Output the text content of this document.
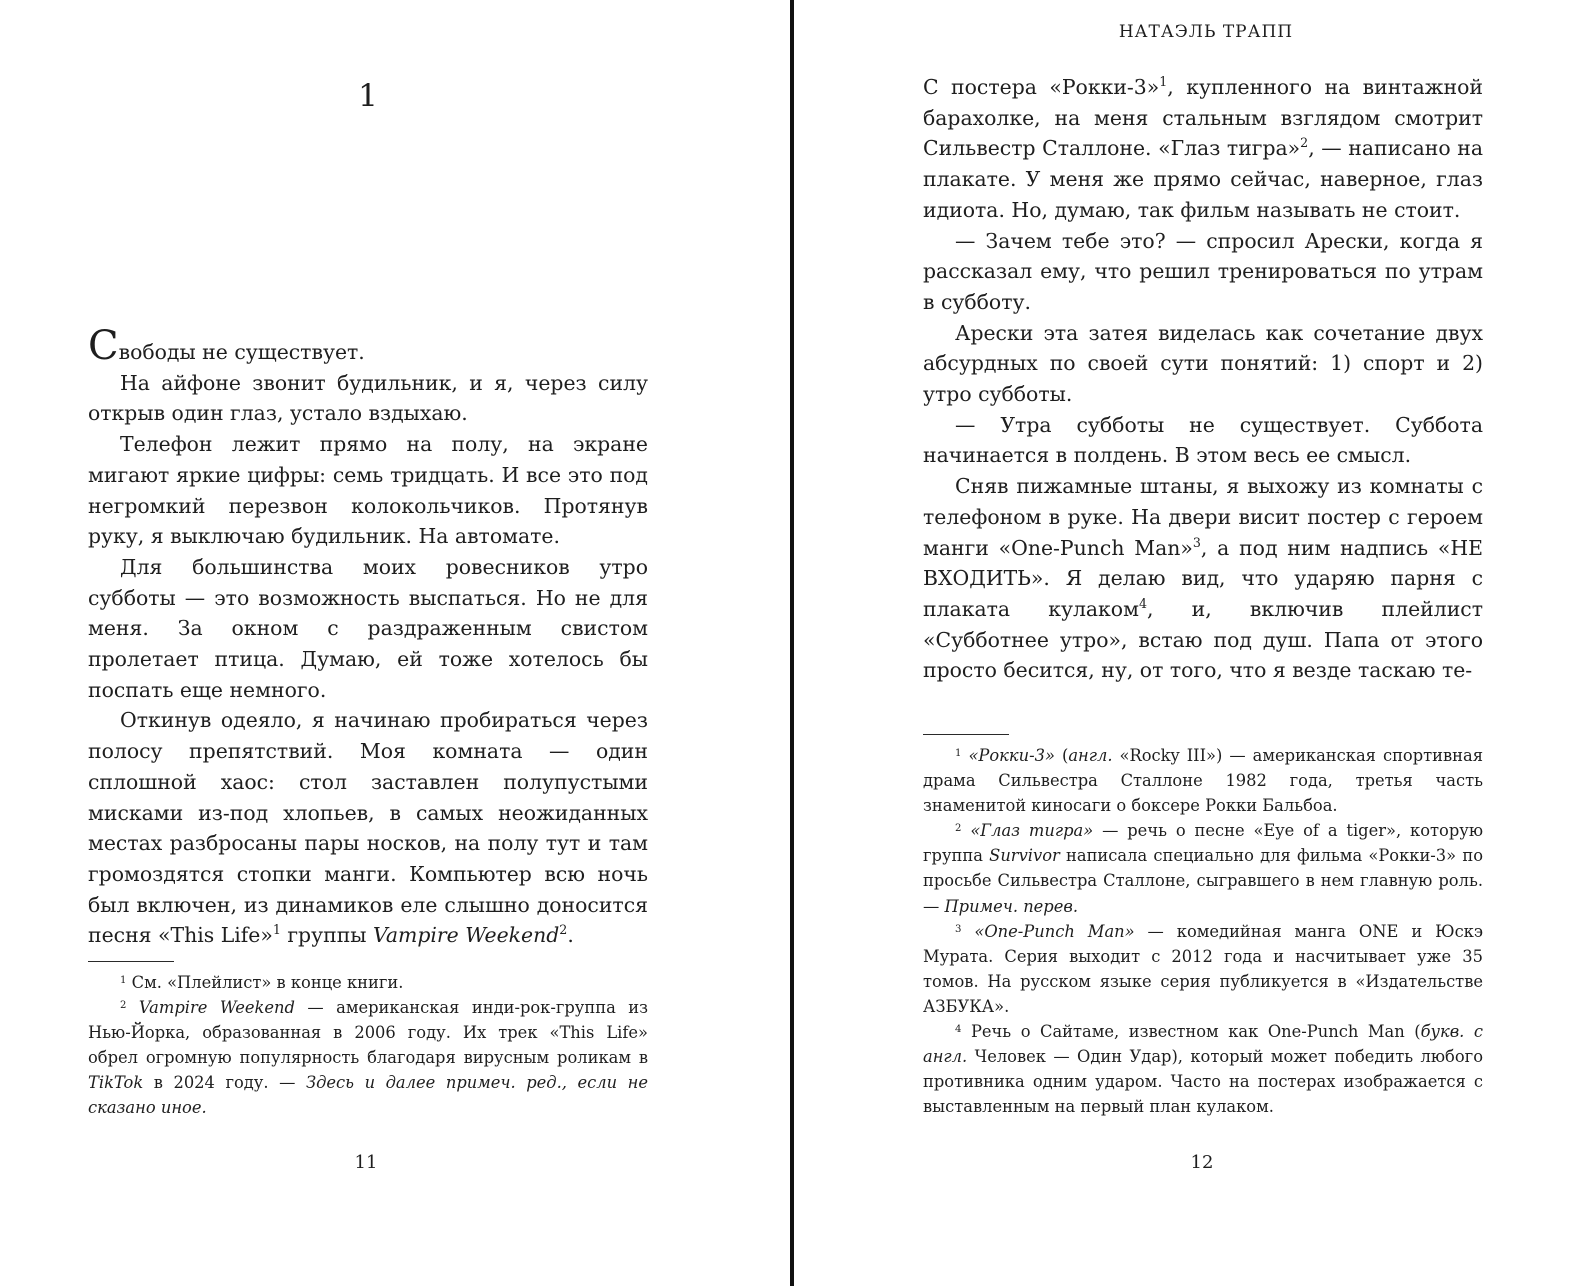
1

Свободы не существует.

На айфоне звонит будильник, и я, через силу открыв один глаз, устало вздыхаю.

Телефон лежит прямо на полу, на экране мигают яркие цифры: семь тридцать. И все это под негромкий перезвон колокольчиков. Протянув руку, я выключаю будильник. На автомате.

Для большинства моих ровесников утро субботы — это возможность выспаться. Но не для меня. За окном с раздраженным свистом пролетает птица. Думаю, ей тоже хотелось бы поспать еще немного.

Откинув одеяло, я начинаю пробираться через полосу препятствий. Моя комната — один сплошной хаос: стол заставлен полупустыми мисками из-под хлопьев, в самых неожиданных местах разбросаны пары носков, на полу тут и там громоздятся стопки манги. Компьютер всю ночь был включен, из динамиков еле слышно доносится песня «This Life»$^1$ группы Vampire Weekend$^2$.

$^1$ См. «Плейлист» в конце книги.

$^2$ Vampire Weekend — американская инди-рок-группа из Нью-Йорка, образованная в 2006 году. Их трек «This Life» обрел огромную популярность благодаря вирусным роликам в TikTok в 2024 году. — Здесь и далее примеч. ред., если не сказано иное.

11
НАТАЭЛЬ ТРАПП

С постера «Рокки-3»$^1$, купленного на винтажной барахолке, на меня стальным взглядом смотрит Сильвестр Сталлоне. «Глаз тигра»$^2$, — написано на плакате. У меня же прямо сейчас, наверное, глаз идиота. Но, думаю, так фильм называть не стоит.

— Зачем тебе это? — спросил Арески, когда я рассказал ему, что решил тренироваться по утрам в субботу.

Арески эта затея виделась как сочетание двух абсурдных по своей сути понятий: 1) спорт и 2) утро субботы.

— Утра субботы не существует. Суббота начинается в полдень. В этом весь ее смысл.

Сняв пижамные штаны, я выхожу из комнаты с телефоном в руке. На двери висит постер с героем манги «One-Punch Man»$^3$, а под ним надпись «НЕ ВХОДИТЬ». Я делаю вид, что ударяю парня с плаката кулаком$^4$, и, включив плейлист «Субботнее утро», встаю под душ. Папа от этого просто бесится, ну, от того, что я везде таскаю те-

$^1$ «Рокки-3» (англ. «Rocky III») — американская спортивная драма Сильвестра Сталлоне 1982 года, третья часть знаменитой киносаги о боксере Рокки Бальбоа.

$^2$ «Глаз тигра» — речь о песне «Eye of a tiger», которую группа Survivor написала специально для фильма «Рокки-3» по просьбе Сильвестра Сталлоне, сыгравшего в нем главную роль. — Примеч. перев.

$^3$ «One-Punch Man» — комедийная манга ONE и Юскэ Мурата. Серия выходит с 2012 года и насчитывает уже 35 томов. На русском языке серия публикуется в «Издательстве АЗБУКА».

$^4$ Речь о Сайтаме, известном как One-Punch Man (букв. с англ. Человек — Один Удар), который может победить любого противника одним ударом. Часто на постерах изображается с выставленным на первый план кулаком.

12
